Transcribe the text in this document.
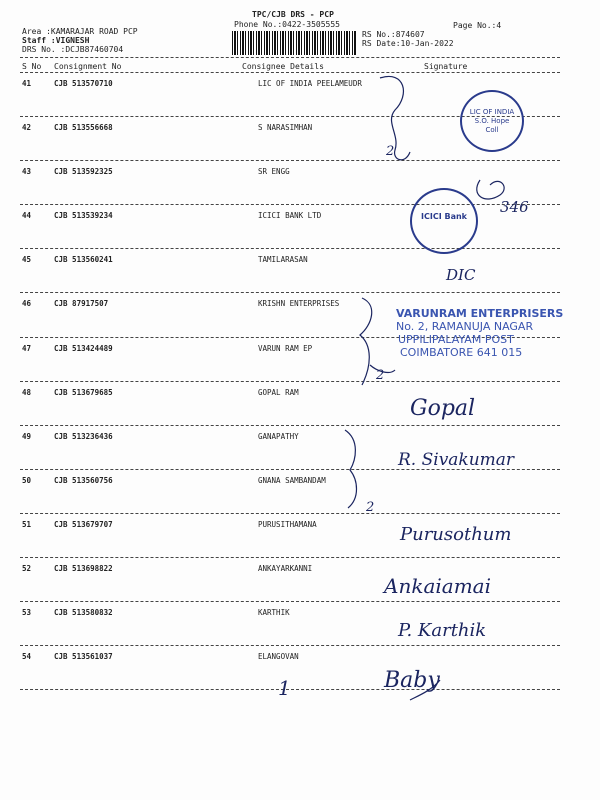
TPC/CJB DRS - PCP
Phone No.:0422-3505555	Page No.:4
Area :KAMARAJAR ROAD PCP
Staff :VIGNESH
DRS No. :DCJB87460704
RS No.:874607
RS Date:10-Jan-2022
S No Consignment No	Consignee Details	Signature
41	CJB 513570710	LIC OF INDIA PEELAMEUDR
42	CJB 513556668	S NARASIMHAN
43	CJB 513592325	SR ENGG
44	CJB 513539234	ICICI BANK LTD
45	CJB 513560241	TAMILARASAN
46	CJB 87917507	KRISHN ENTERPRISES
47	CJB 513424489	VARUN RAM EP
48	CJB 513679685	GOPAL RAM
49	CJB 513236436	GANAPATHY
50	CJB 513560756	GNANA SAMBANDAM
51	CJB 513679707	PURUSITHAMANA
52	CJB 513698822	ANKAYARKANNI
53	CJB 513580832	KARTHIK
54	CJB 513561037	ELANGOVAN
2
2
2
LIC OF INDIA S.O. Hope Coll
ICICI Bank
346
DIC
VARUNRAM ENTERPRISERS
No. 2, RAMANUJA NAGAR
UPPILIPALAYAM POST
COIMBATORE 641 015
Gopal
R. Sivakumar
Purusothum
Ankaiamai
P. Karthik
Baby
1
